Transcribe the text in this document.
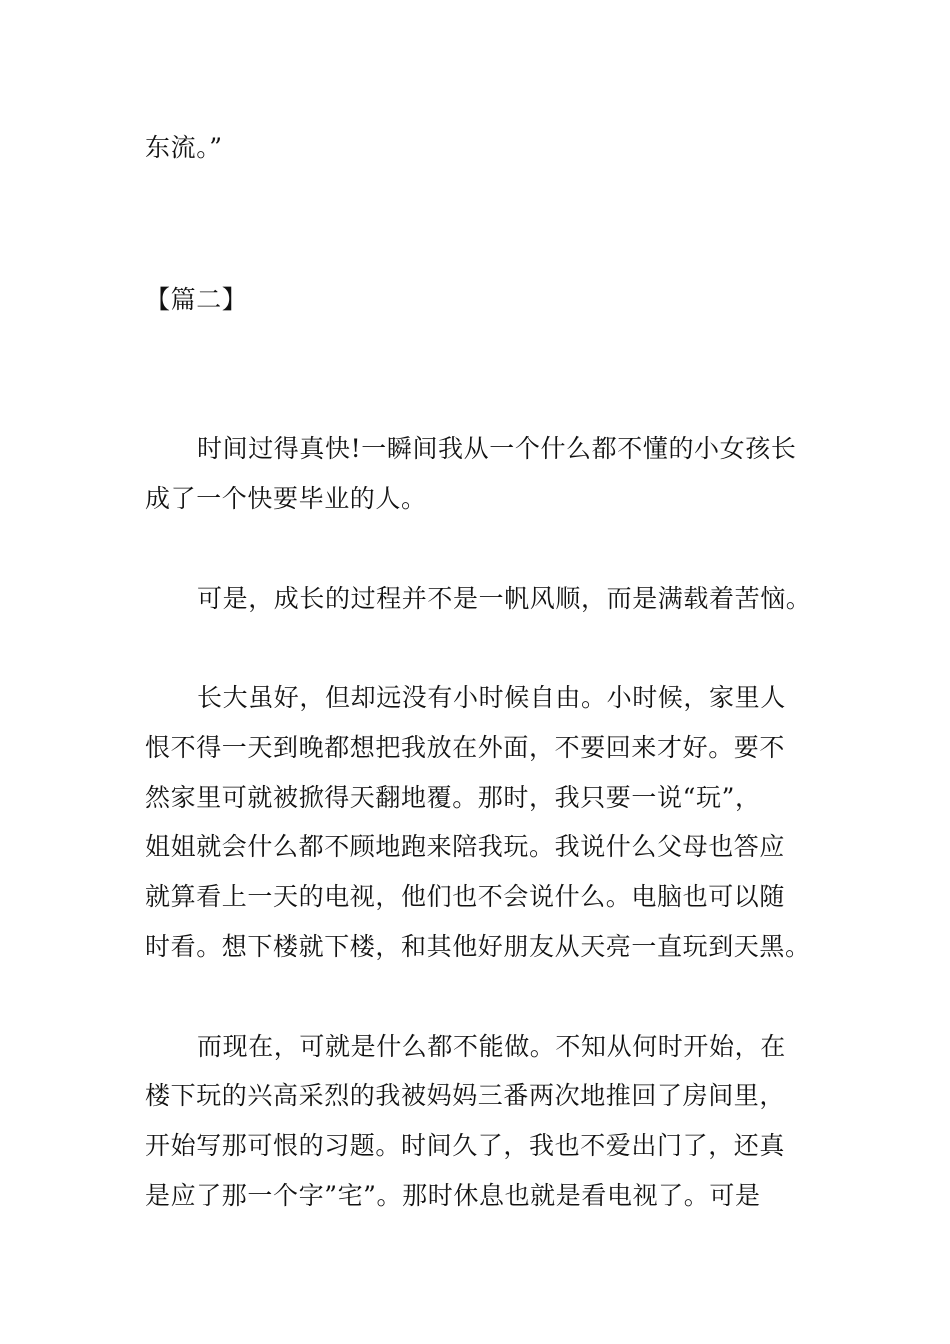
东流。”
【篇二】
时间过得真快!一瞬间我从一个什么都不懂的小女孩长
成了一个快要毕业的人。
可是，成长的过程并不是一帆风顺，而是满载着苦恼。
长大虽好，但却远没有小时候自由。小时候，家里人
恨不得一天到晚都想把我放在外面，不要回来才好。要不
然家里可就被掀得天翻地覆。那时，我只要一说“玩”，
姐姐就会什么都不顾地跑来陪我玩。我说什么父母也答应
就算看上一天的电视，他们也不会说什么。电脑也可以随
时看。想下楼就下楼，和其他好朋友从天亮一直玩到天黑。
而现在，可就是什么都不能做。不知从何时开始，在
楼下玩的兴高采烈的我被妈妈三番两次地推回了房间里，
开始写那可恨的习题。时间久了，我也不爱出门了，还真
是应了那一个字”宅”。那时休息也就是看电视了。可是
